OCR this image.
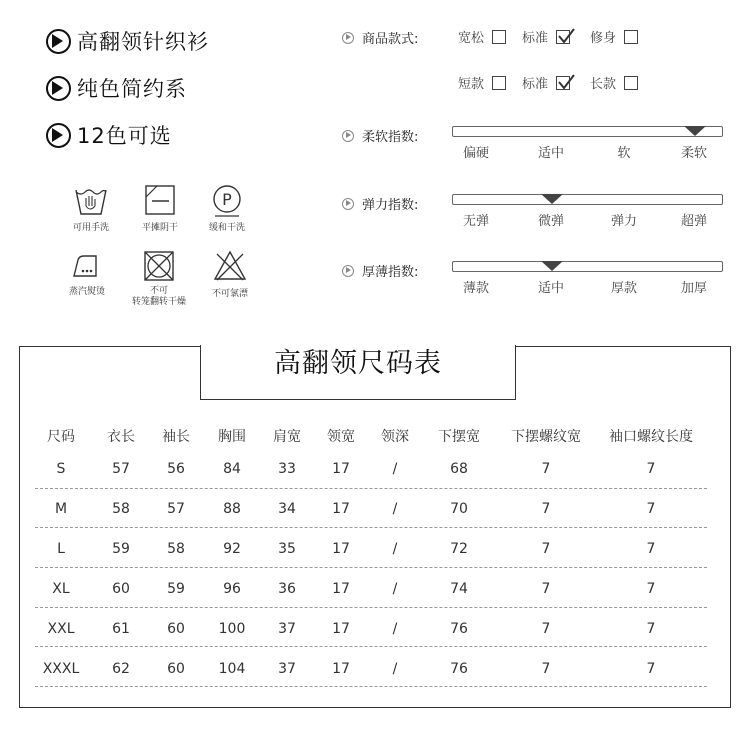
高翻领针织衫
纯色简约系
12色可选
可用手洗	平摊阴干
P
缓和干洗
蒸汽熨烫	不可
转笼翻转干燥
不可氯漂
商品款式:	宽松	标准	修身
短款	标准	长款
柔软指数:
偏硬	适中	软	柔软
弹力指数:
无弹	微弹	弹力	超弹
厚薄指数:
薄款	适中	厚款	加厚
高翻领尺码表
尺码 衣长 袖长 胸围 肩宽 领宽 领深 下摆宽 下摆螺纹宽 袖口螺纹长度
S	57	56	84	33	17	/	68	7	7
M	58	57	88	34	17	/	70	7	7
L	59	58	92	35	17	/	72	7	7
XL	60	59	96	36	17	/	74	7	7
XXL	61	60 100 37	17	/	76	7	7
XXXL 62	60 104 37	17	/	76	7	7
